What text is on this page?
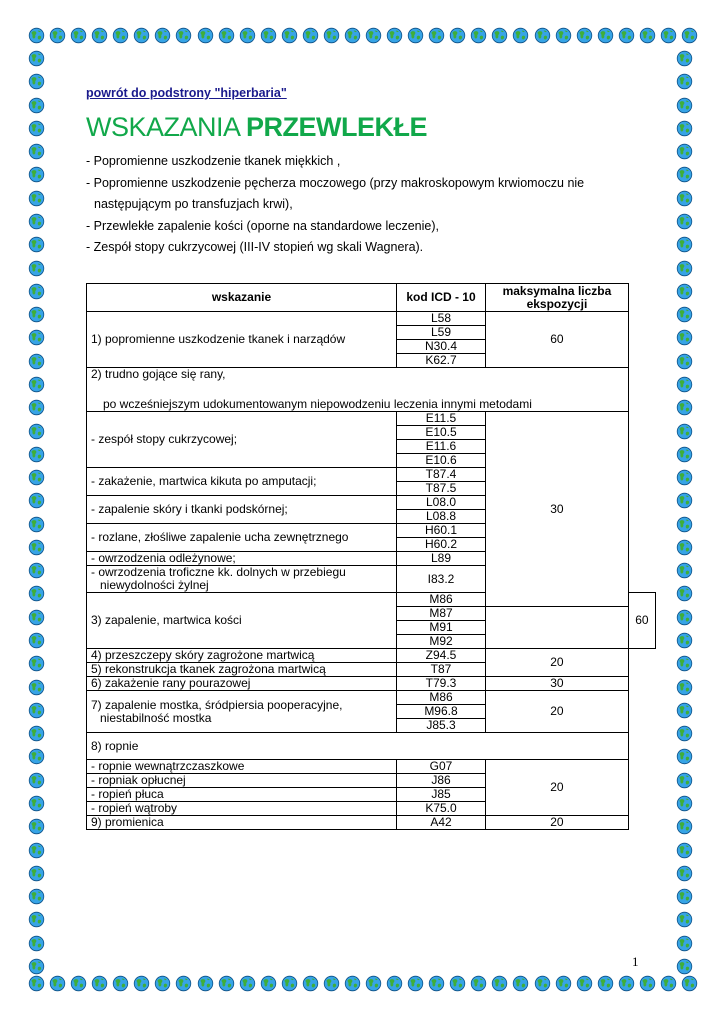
powrót do podstrony "hiperbaria"
WSKAZANIA PRZEWLEKŁE
- Popromienne uszkodzenie tkanek miękkich ,
- Popromienne uszkodzenie pęcherza moczowego (przy makroskopowym krwiomoczu nie
następującym po transfuzjach krwi),
- Przewlekłe zapalenie kości (oporne na standardowe leczenie),
- Zespół stopy cukrzycowej (III-IV stopień wg skali Wagnera).
wskazanie	kod ICD - 10	maksymalna liczba
ekspozycji	
1) popromienne uszkodzenie tkanek i narządów	L58	60	
	L59		
	N30.4		
	K62.7		

2) trudno gojące się rany,
po wcześniejszym udokumentowanym niepowodzeniu leczenia innymi metodami			

- zespół stopy cukrzycowej;	E11.5	30	
	E10.5		
	E11.6		
	E10.6		
- zakażenie, martwica kikuta po amputacji;	T87.4		
	T87.5		
- zapalenie skóry i tkanki podskórnej;	L08.0		
	L08.8		
- rozlane, złośliwe zapalenie ucha zewnętrznego	H60.1		
	H60.2		
- owrzodzenia odleżynowe;	L89		

- owrzodzenia troficzne kk. dolnych w przebiegu
niewydolności żylnej	I83.2		
3) zapalenie, martwica kości	M86		60
	M87		
	M91		
	M92		
4) przeszczepy skóry zagrożone martwicą	Z94.5	20	
5) rekonstrukcja tkanek zagrożona martwicą	T87		
6) zakażenie rany pourazowej	T79.3	30	

7) zapalenie mostka, śródpiersia pooperacyjne,
niestabilność mostka	M86	20	
	M96.8		
	J85.3		
8) ropnie			
- ropnie wewnątrzczaszkowe	G07	20	
- ropniak opłucnej	J86		
- ropień płuca	J85		
- ropień wątroby	K75.0		
9) promienica	A42	20	
1
